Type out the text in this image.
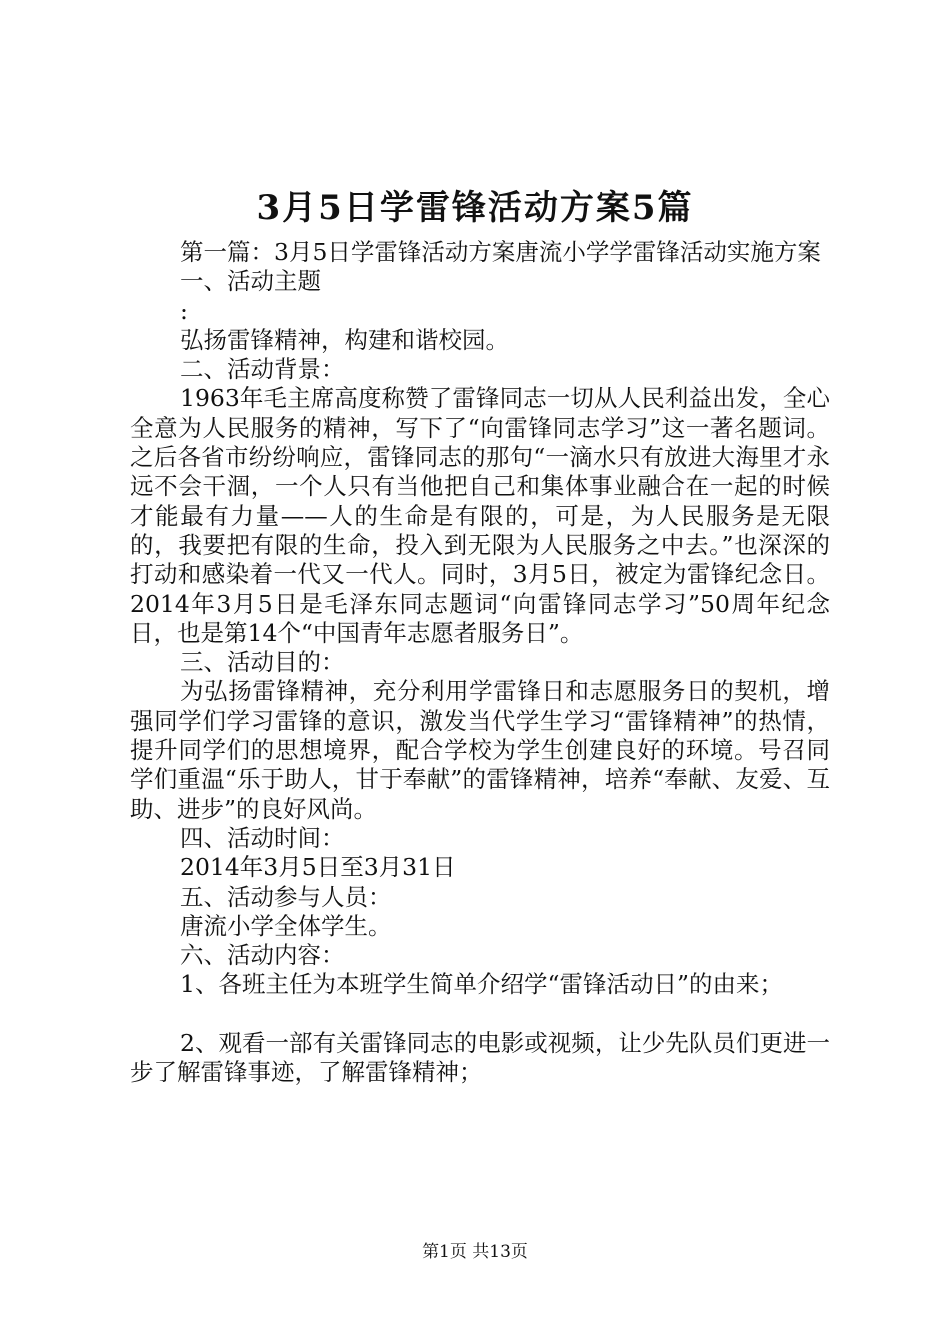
3月5日学雷锋活动方案5篇

第一篇：3月5日学雷锋活动方案唐流小学学雷锋活动实施方案

一、活动主题

:

弘扬雷锋精神，构建和谐校园。

二、活动背景：

1963年毛主席高度称赞了雷锋同志一切从人民利益出发，全心全意为人民服务的精神，写下了“向雷锋同志学习”这一著名题词。之后各省市纷纷响应，雷锋同志的那句“一滴水只有放进大海里才永远不会干涸，一个人只有当他把自己和集体事业融合在一起的时候才能最有力量——人的生命是有限的，可是，为人民服务是无限的，我要把有限的生命，投入到无限为人民服务之中去。”也深深的打动和感染着一代又一代人。同时，3月5日，被定为雷锋纪念日。2014年3月5日是毛泽东同志题词“向雷锋同志学习”50周年纪念日，也是第14个“中国青年志愿者服务日”。

三、活动目的：

为弘扬雷锋精神，充分利用学雷锋日和志愿服务日的契机，增强同学们学习雷锋的意识，激发当代学生学习“雷锋精神”的热情，提升同学们的思想境界，配合学校为学生创建良好的环境。号召同学们重温“乐于助人，甘于奉献”的雷锋精神，培养“奉献、友爱、互助、进步”的良好风尚。

四、活动时间：

2014年3月5日至3月31日

五、活动参与人员：

唐流小学全体学生。

六、活动内容：

1、各班主任为本班学生简单介绍学“雷锋活动日”的由来；

2、观看一部有关雷锋同志的电影或视频，让少先队员们更进一步了解雷锋事迹，了解雷锋精神；

第1页 共13页
